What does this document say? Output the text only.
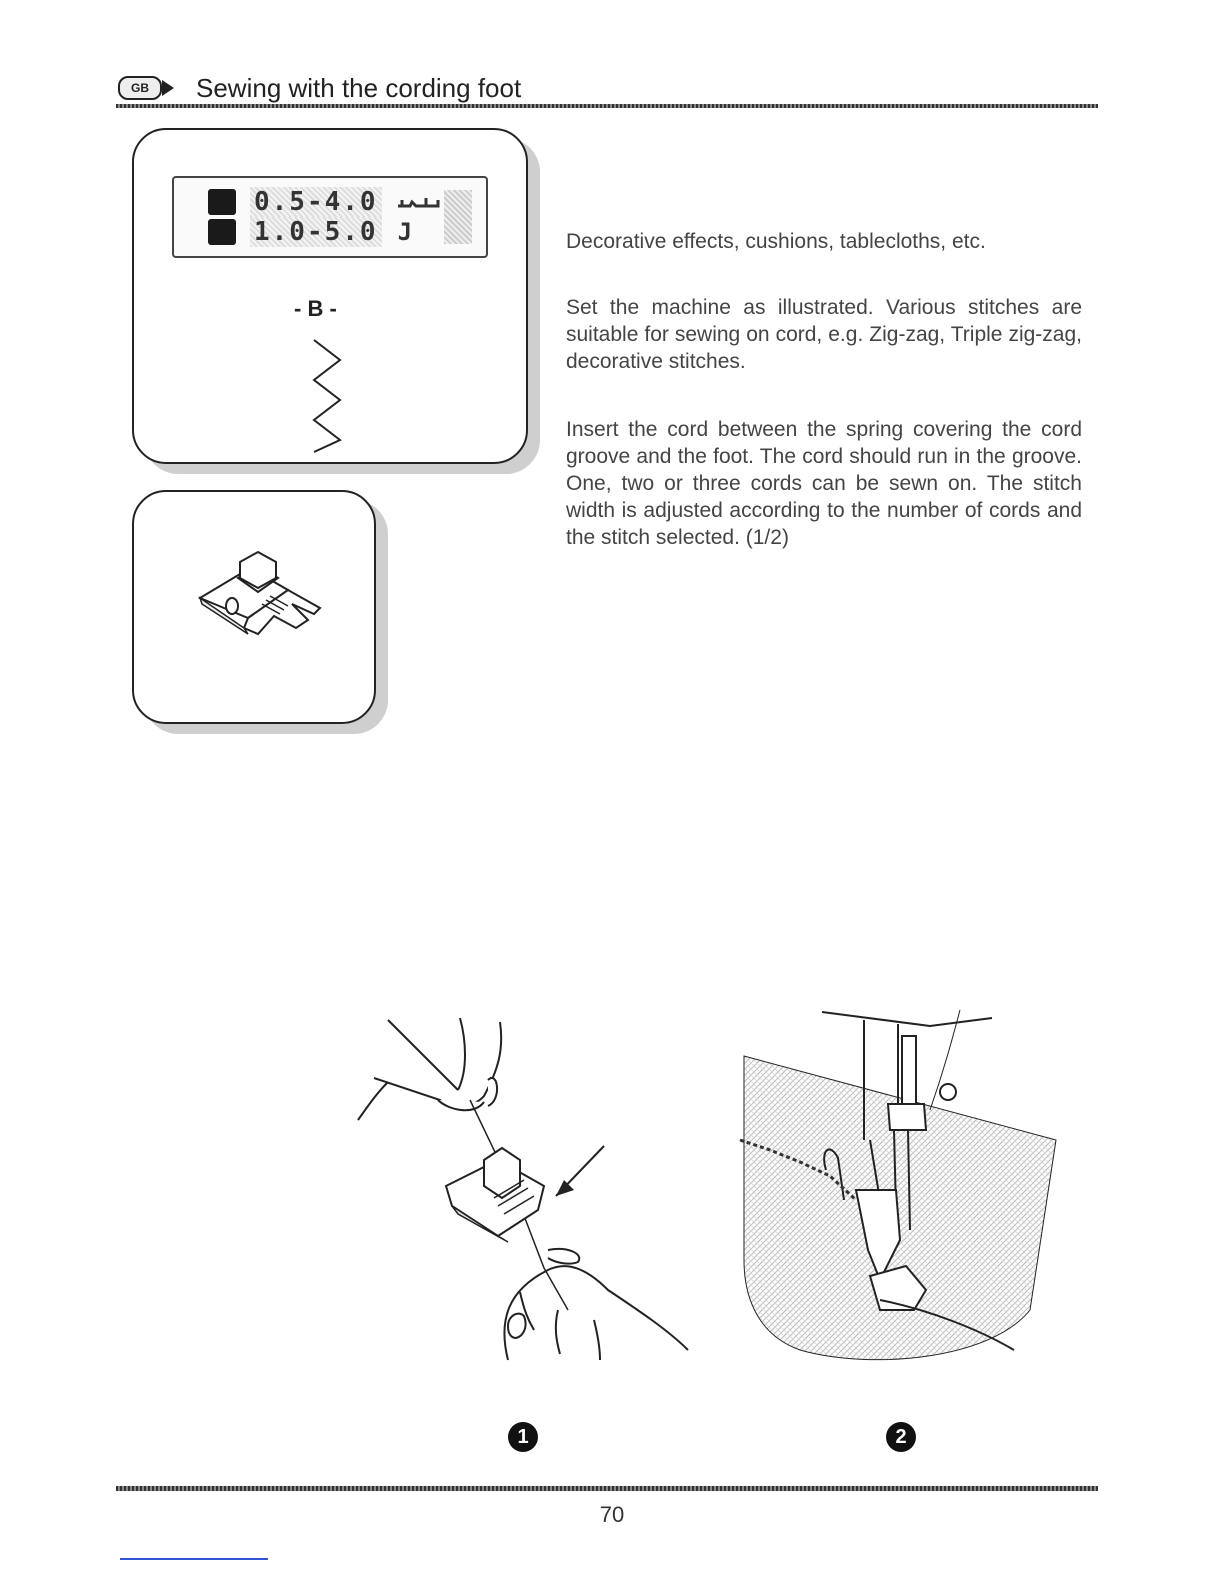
GB	Sewing with the cording foot
0.5-4.0
1.0-5.0 J
- B -
Decorative effects, cushions, tablecloths, etc.
Set the machine as illustrated. Various stitches are suitable for sewing on cord, e.g. Zig-zag, Triple zig-zag, decorative stitches.
Insert the cord between the spring covering the cord groove and the foot. The cord should run in the groove. One, two or three cords can be sewn on. The stitch width is adjusted according to the number of cords and the stitch selected. (1/2)
1	2
70
